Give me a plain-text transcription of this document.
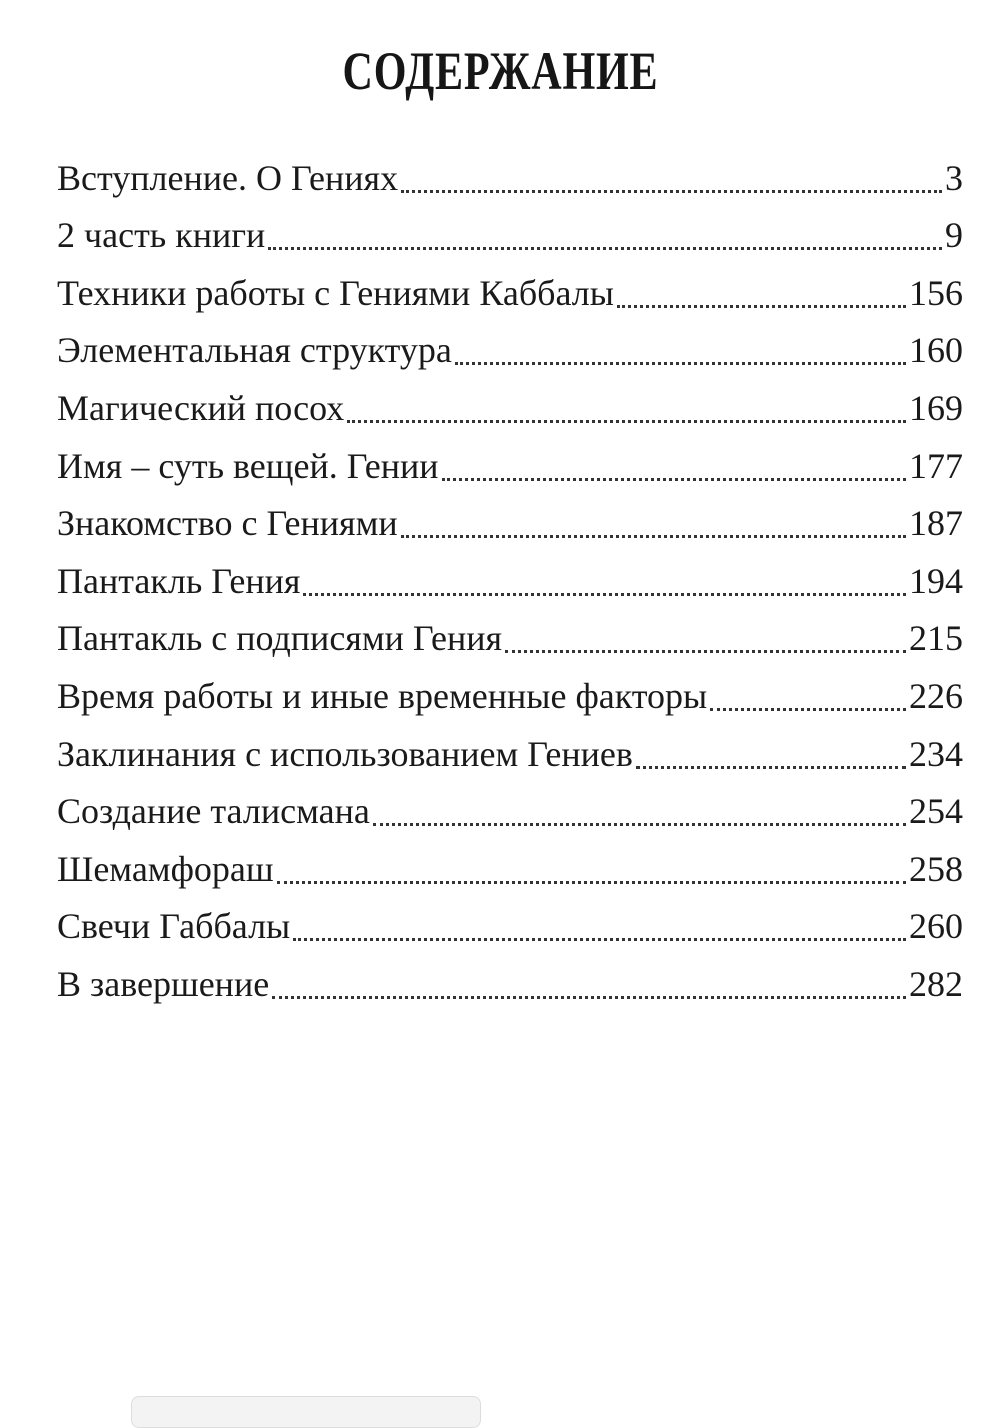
СОДЕРЖАНИЕ
Вступление. О Гениях	3
2 часть книги	9
Техники работы с Гениями Каббалы	156
Элементальная структура	160
Магический посох	169
Имя – суть вещей. Гении	177
Знакомство с Гениями	187
Пантакль Гения	194
Пантакль с подписями Гения	215
Время работы и иные временные факторы	226
Заклинания с использованием Гениев	234
Создание талисмана	254
Шемамфораш	258
Свечи Габбалы	260
В завершение	282
